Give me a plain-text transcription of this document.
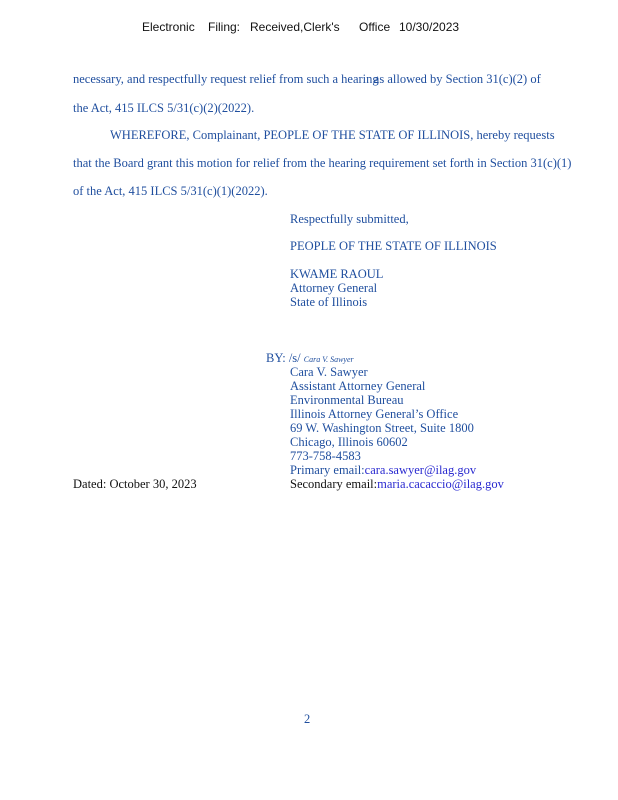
Electronic Filing: Received,Clerk's Office 10/30/2023
necessary, and respectfully request relief from such a hearing as allowed by Section 31(c)(2) of
the Act, 415 ILCS 5/31(c)(2)(2022).
WHEREFORE, Complainant, PEOPLE OF THE STATE OF ILLINOIS, hereby requests
that the Board grant this motion for relief from the hearing requirement set forth in Section 31(c)(1)
of the Act, 415 ILCS 5/31(c)(1)(2022).
Respectfully submitted,
PEOPLE OF THE STATE OF ILLINOIS
KWAME RAOUL
Attorney General
State of Illinois
BY: /s/ Cara V. Sawyer
Cara V. Sawyer
Assistant Attorney General
Environmental Bureau
Illinois Attorney General’s Office
69 W. Washington Street, Suite 1800
Chicago, Illinois 60602
773-758-4583
Primary email:cara.sawyer@ilag.gov
Dated: October 30, 2023	Secondary email:maria.cacaccio@ilag.gov
2
